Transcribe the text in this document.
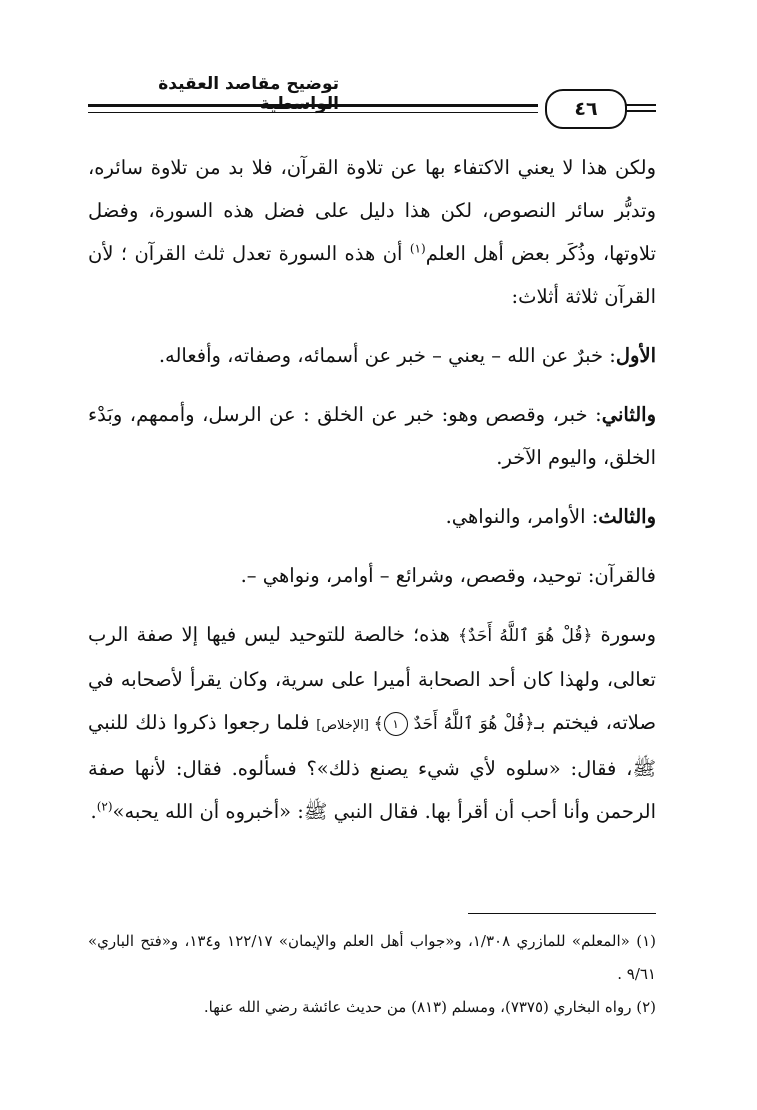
توضيح مقاصد العقيدة
٤٦

ولكن هذا لا يعني الاكتفاء بها عن تلاوة القرآن، فلا بد من تلاوة سائره، وتدبُّر سائر النصوص، لكن هذا دليل على فضل هذه السورة، وفضل تلاوتها، وذُكَر بعض أهل العلم$^{(١)}$ أن هذه السورة تعدل ثلث القرآن ؛ لأن القرآن ثلاثة أثلاث:

الأول: خبرٌ عن الله – يعني – خبر عن أسمائه، وصفاته، وأفعاله.

والثاني: خبر، وقصص وهو: خبر عن الخلق : عن الرسل، وأممهم، وبَدْء الخلق، واليوم الآخر.

والثالث: الأوامر، والنواهي.

فالقرآن: توحيد، وقصص، وشرائع – أوامر، ونواهي –.

وسورة ﴿قُلْ هُوَ ٱللَّهُ أَحَدٌ﴾ هذه؛ خالصة للتوحيد ليس فيها إلا صفة الرب تعالى، ولهذا كان أحد الصحابة أميرا على سرية، وكان يقرأ لأصحابه في صلاته، فيختم بـ﴿قُلْ هُوَ ٱللَّهُ أَحَدٌ ١﴾ [الإخلاص] فلما رجعوا ذكروا ذلك للنبي ﷺ، فقال: «سلوه لأي شيء يصنع ذلك»؟ فسألوه. فقال: لأنها صفة الرحمن وأنا أحب أن أقرأ بها. فقال النبي ﷺ: «أخبروه أن الله يحبه»$^{(٢)}$.

(١) «المعلم» للمازري ١/٣٠٨، و«جواب أهل العلم والإيمان» ١٢٢/١٧ و١٣٤، و«فتح الباري» ٩/٦١ .

(٢) رواه البخاري (٧٣٧٥)، ومسلم (٨١٣) من حديث عائشة رضي الله عنها.
